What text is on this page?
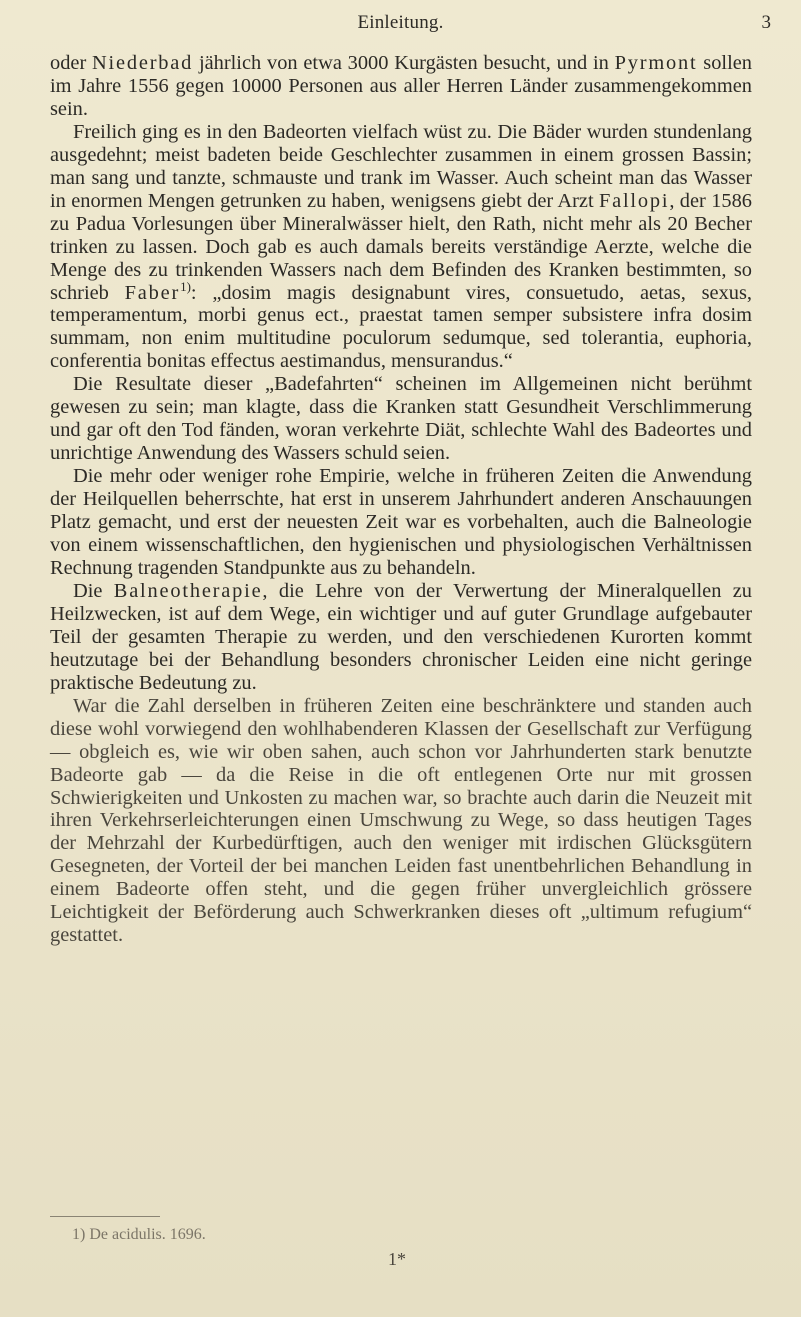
Einleitung.	3

oder Niederbad jährlich von etwa 3000 Kurgästen besucht, und in Pyrmont sollen im Jahre 1556 gegen 10000 Personen aus aller Herren Länder zusammengekommen sein.

Freilich ging es in den Badeorten vielfach wüst zu. Die Bäder wurden stundenlang ausgedehnt; meist badeten beide Geschlechter zusammen in einem grossen Bassin; man sang und tanzte, schmauste und trank im Wasser. Auch scheint man das Wasser in enormen Mengen getrunken zu haben, wenigsens giebt der Arzt Fallopi, der 1586 zu Padua Vorlesungen über Mineralwässer hielt, den Rath, nicht mehr als 20 Becher trinken zu lassen. Doch gab es auch damals bereits verständige Aerzte, welche die Menge des zu trinkenden Wassers nach dem Befinden des Kranken bestimmten, so schrieb Faber$^{1)}$: „dosim magis designabunt vires, consuetudo, aetas, sexus, temperamentum, morbi genus ect., praestat tamen semper subsistere infra dosim summam, non enim multitudine poculorum sedumque, sed tolerantia, euphoria, conferentia bonitas effectus aestimandus, mensurandus.“

Die Resultate dieser „Badefahrten“ scheinen im Allgemeinen nicht berühmt gewesen zu sein; man klagte, dass die Kranken statt Gesundheit Verschlimmerung und gar oft den Tod fänden, woran verkehrte Diät, schlechte Wahl des Badeortes und unrichtige Anwendung des Wassers schuld seien.

Die mehr oder weniger rohe Empirie, welche in früheren Zeiten die Anwendung der Heilquellen beherrschte, hat erst in unserem Jahrhundert anderen Anschauungen Platz gemacht, und erst der neuesten Zeit war es vorbehalten, auch die Balneologie von einem wissenschaftlichen, den hygienischen und physiologischen Verhältnissen Rechnung tragenden Standpunkte aus zu behandeln.

Die Balneotherapie, die Lehre von der Verwertung der Mineralquellen zu Heilzwecken, ist auf dem Wege, ein wichtiger und auf guter Grundlage aufgebauter Teil der gesamten Therapie zu werden, und den verschiedenen Kurorten kommt heutzutage bei der Behandlung besonders chronischer Leiden eine nicht geringe praktische Bedeutung zu.

War die Zahl derselben in früheren Zeiten eine beschränktere und standen auch diese wohl vorwiegend den wohlhabenderen Klassen der Gesellschaft zur Verfügung — obgleich es, wie wir oben sahen, auch schon vor Jahrhunderten stark benutzte Badeorte gab — da die Reise in die oft entlegenen Orte nur mit grossen Schwierigkeiten und Unkosten zu machen war, so brachte auch darin die Neuzeit mit ihren Verkehrserleichterungen einen Umschwung zu Wege, so dass heutigen Tages der Mehrzahl der Kurbedürftigen, auch den weniger mit irdischen Glücksgütern Gesegneten, der Vorteil der bei manchen Leiden fast unentbehrlichen Behandlung in einem Badeorte offen steht, und die gegen früher unvergleichlich grössere Leichtigkeit der Beförderung auch Schwerkranken dieses oft „ultimum refugium“ gestattet.

1) De acidulis. 1696.
1*
